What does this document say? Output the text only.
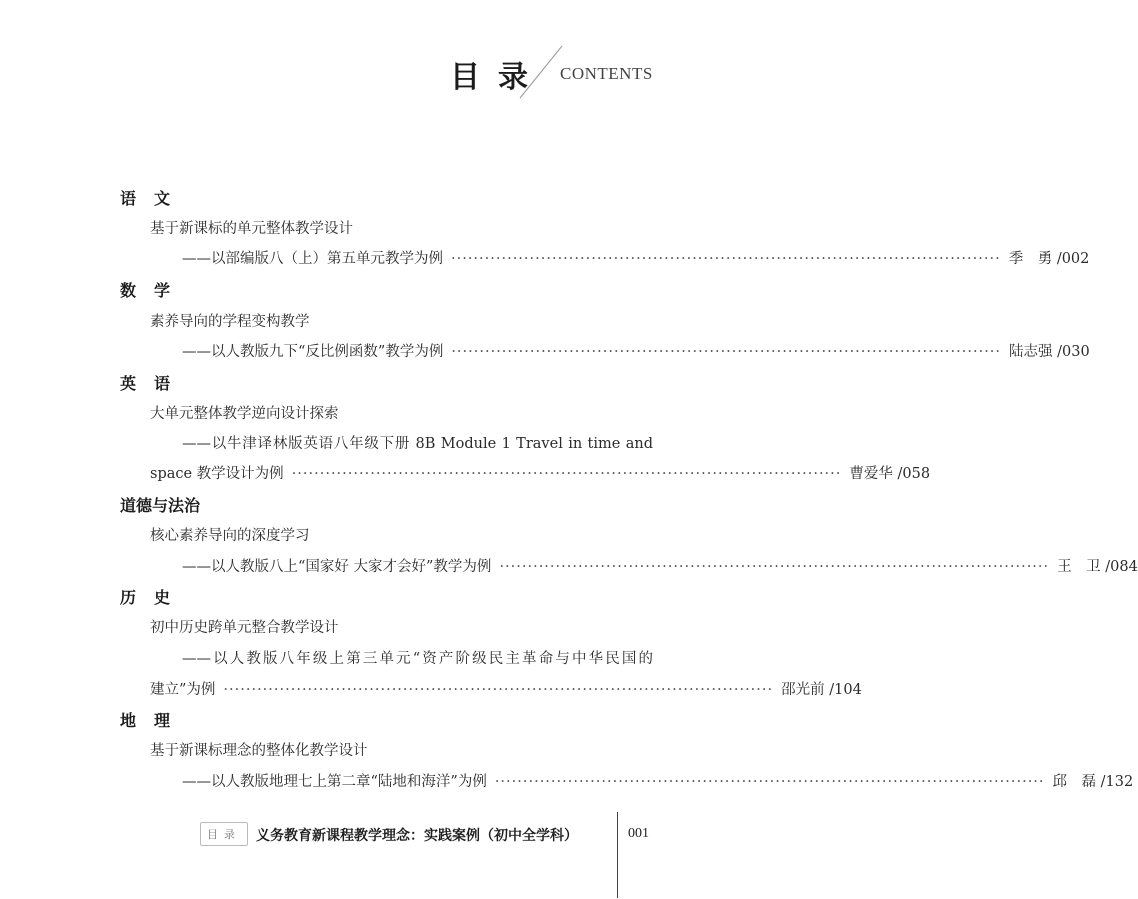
目录 CONTENTS
语文
基于新课标的单元整体教学设计
——以部编版八（上）第五单元教学为例 ·································································································· 季　勇 /002
数学
素养导向的学程变构教学
——以人教版九下“反比例函数”教学为例 ·································································································· 陆志强 /030
英语
大单元整体教学逆向设计探索
——以牛津译林版英语八年级下册 8B Module 1 Travel in time and
space 教学设计为例 ·································································································· 曹爱华 /058
道德与法治
核心素养导向的深度学习
——以人教版八上“国家好 大家才会好”教学为例 ·································································································· 王　卫 /084
历史
初中历史跨单元整合教学设计
——以人教版八年级上第三单元“资产阶级民主革命与中华民国的
建立”为例 ·································································································· 邵光前 /104
地理
基于新课标理念的整体化教学设计
——以人教版地理七上第二章“陆地和海洋”为例 ·································································································· 邱　磊 /132
目录	义务教育新课程教学理念：实践案例（初中全学科）	001
